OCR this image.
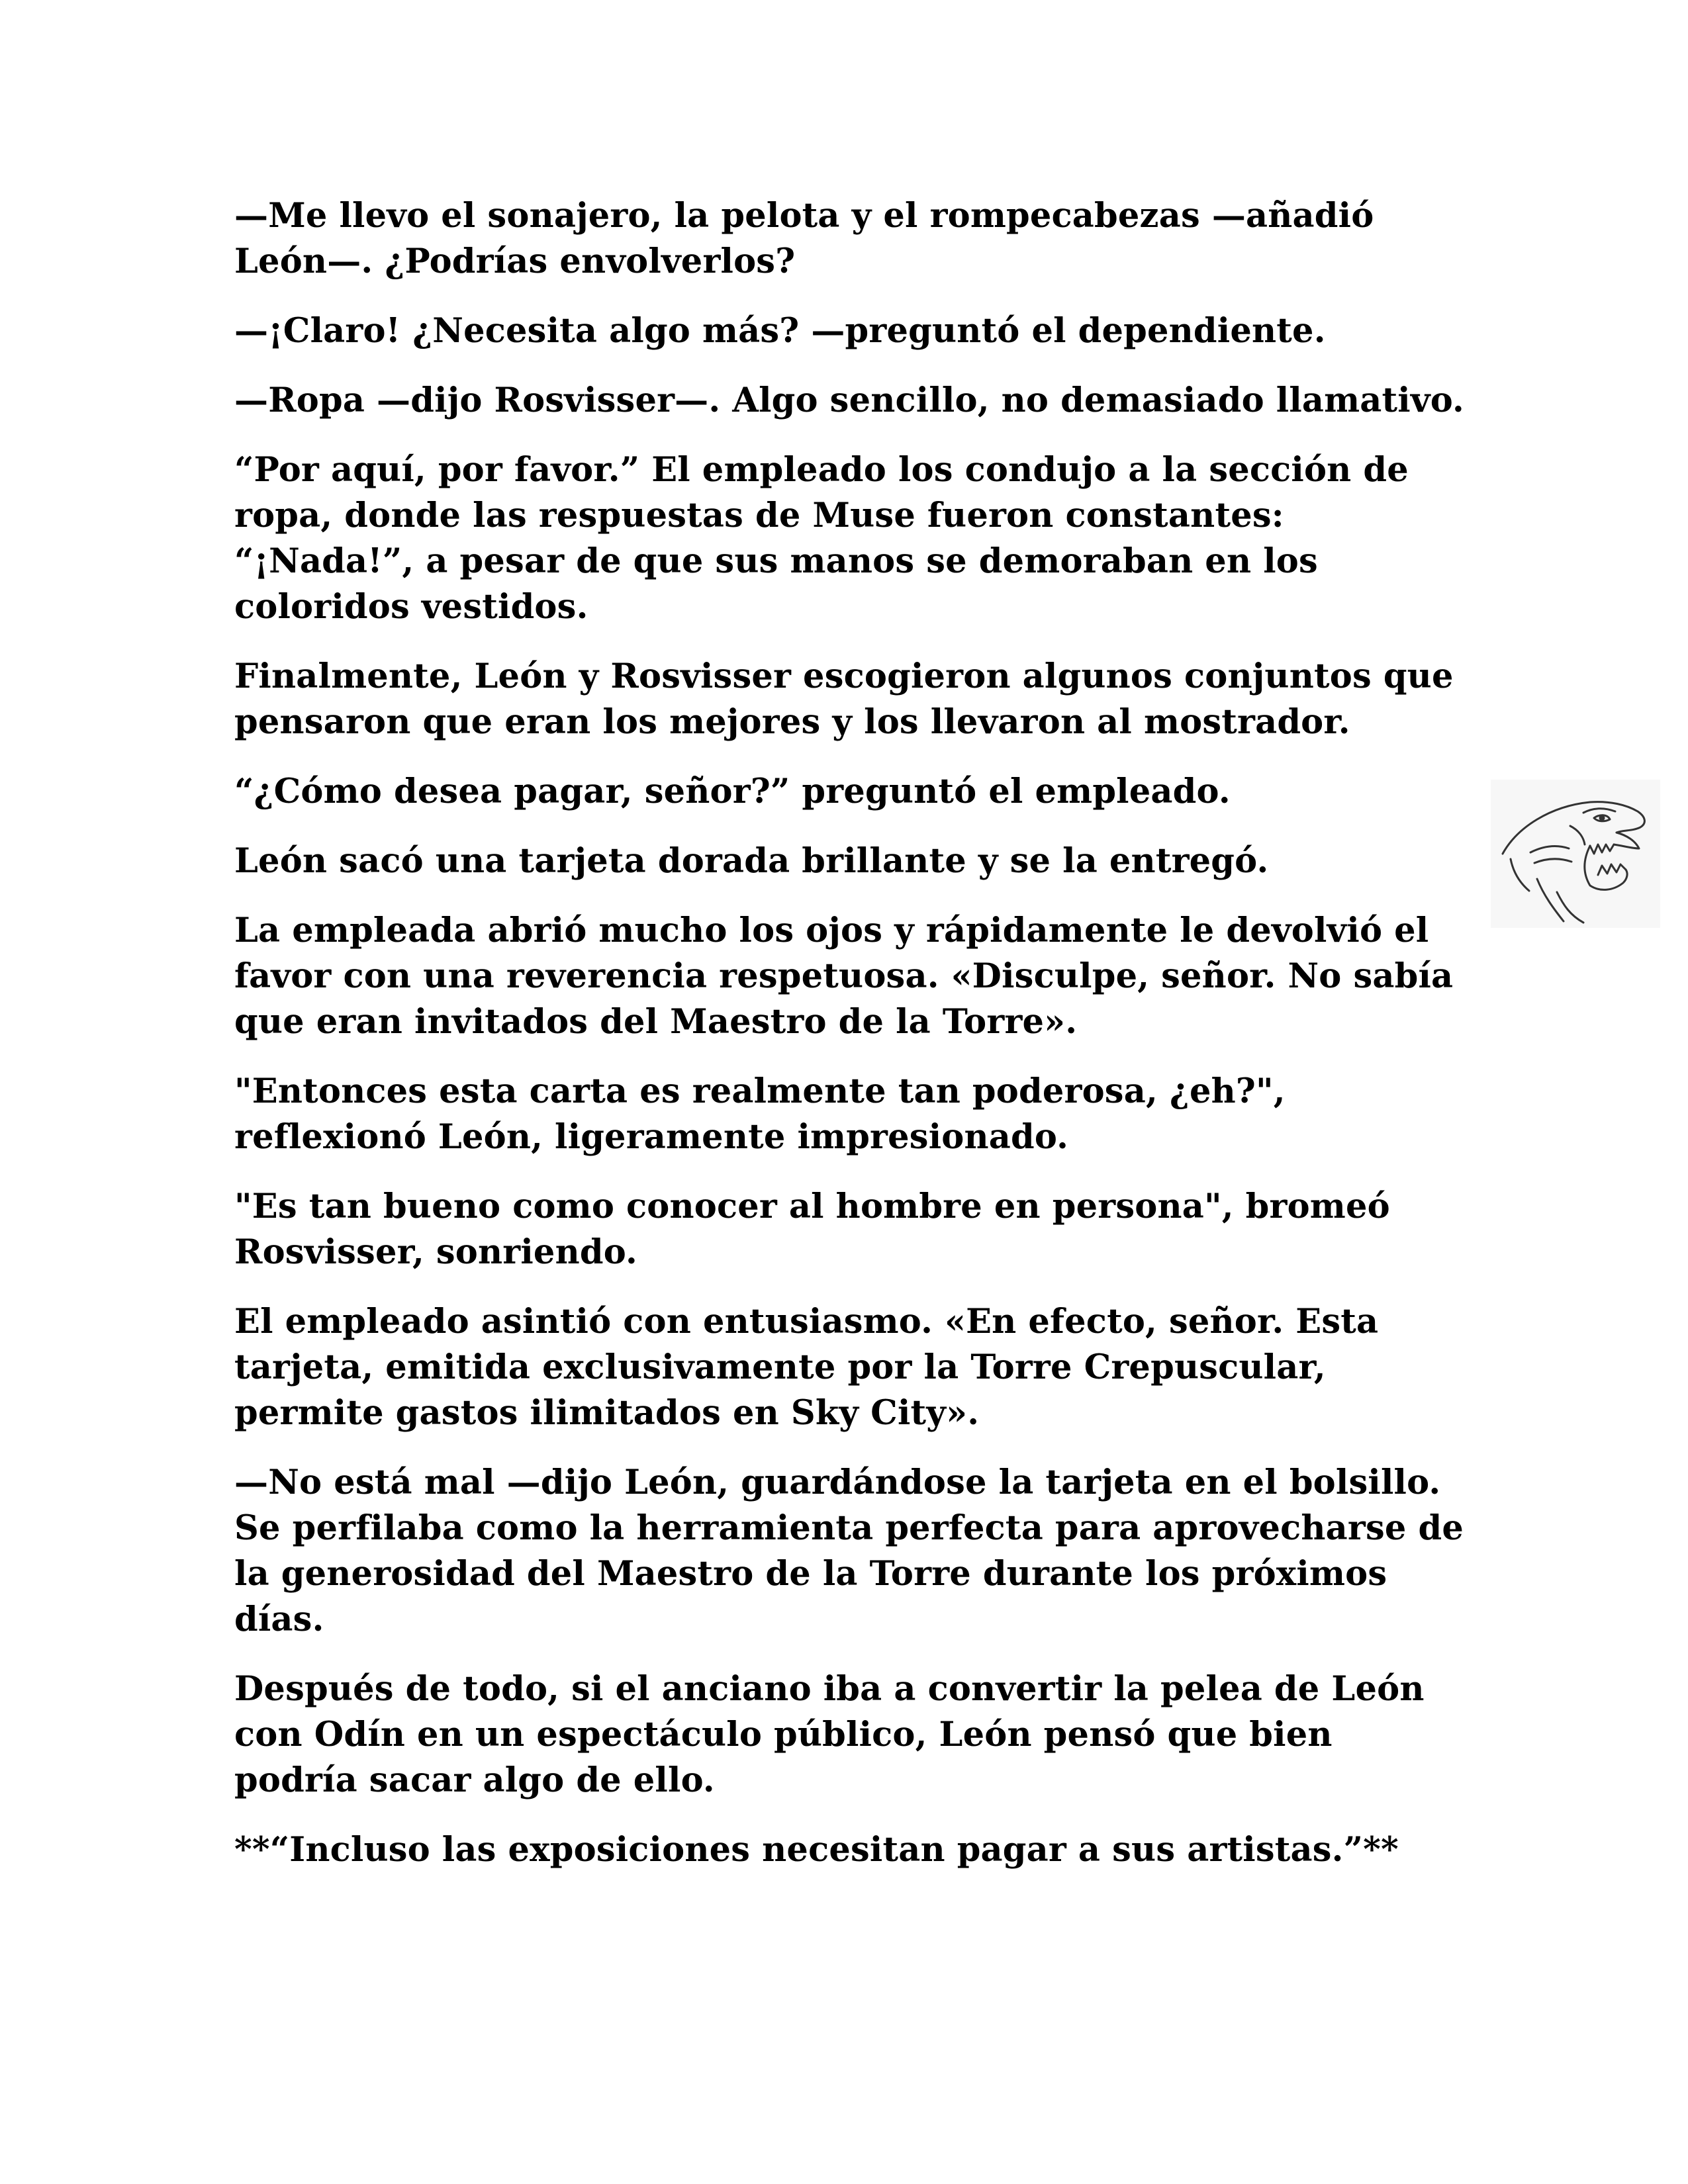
—Me llevo el sonajero, la pelota y el rompecabezas —añadió León—. ¿Podrías envolverlos?

—¡Claro! ¿Necesita algo más? —preguntó el dependiente.

—Ropa —dijo Rosvisser—. Algo sencillo, no demasiado llamativo.

“Por aquí, por favor.” El empleado los condujo a la sección de ropa, donde las respuestas de Muse fueron constantes: “¡Nada!”, a pesar de que sus manos se demoraban en los coloridos vestidos.

Finalmente, León y Rosvisser escogieron algunos conjuntos que pensaron que eran los mejores y los llevaron al mostrador.

“¿Cómo desea pagar, señor?” preguntó el empleado.

León sacó una tarjeta dorada brillante y se la entregó.

La empleada abrió mucho los ojos y rápidamente le devolvió el favor con una reverencia respetuosa. «Disculpe, señor. No sabía que eran invitados del Maestro de la Torre».

"Entonces esta carta es realmente tan poderosa, ¿eh?", reflexionó León, ligeramente impresionado.

"Es tan bueno como conocer al hombre en persona", bromeó Rosvisser, sonriendo.

El empleado asintió con entusiasmo. «En efecto, señor. Esta tarjeta, emitida exclusivamente por la Torre Crepuscular, permite gastos ilimitados en Sky City».

—No está mal —dijo León, guardándose la tarjeta en el bolsillo. Se perfilaba como la herramienta perfecta para aprovecharse de la generosidad del Maestro de la Torre durante los próximos días.

Después de todo, si el anciano iba a convertir la pelea de León con Odín en un espectáculo público, León pensó que bien podría sacar algo de ello.

**“Incluso las exposiciones necesitan pagar a sus artistas.”**
